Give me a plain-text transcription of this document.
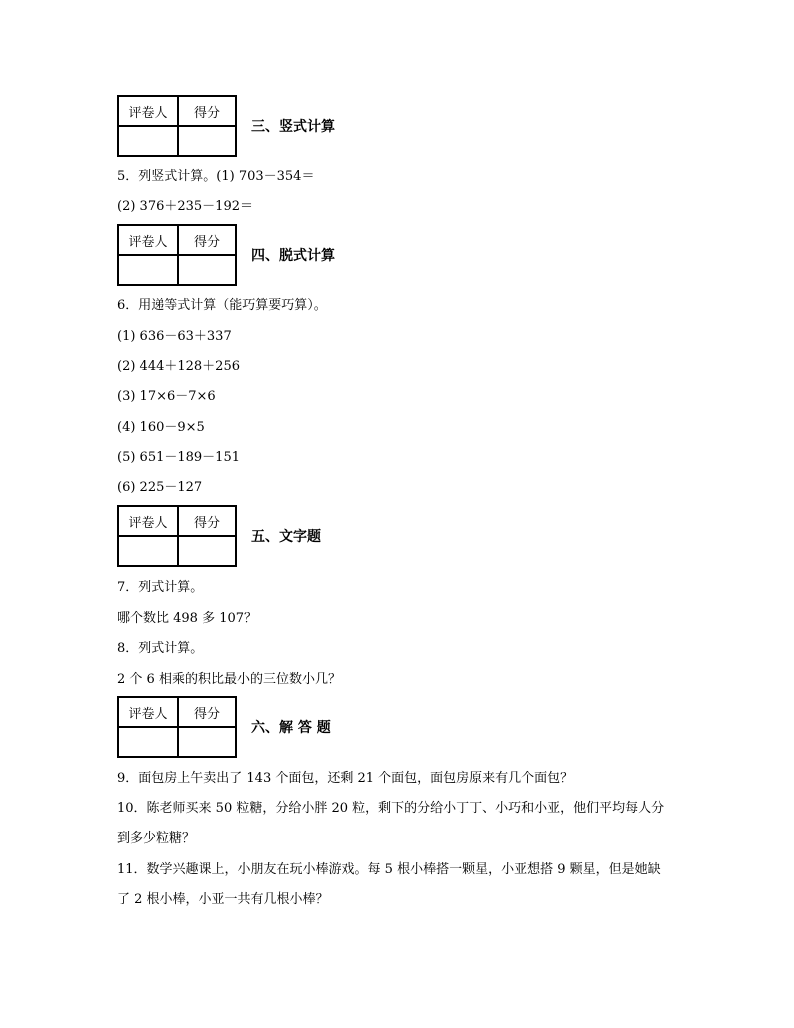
评卷人	得分

三、竖式计算
5．列竖式计算。(1) 703－354＝
(2) 376＋235－192＝
评卷人	得分

四、脱式计算
6．用递等式计算（能巧算要巧算）。
(1) 636－63＋337
(2) 444＋128＋256
(3) 17×6－7×6
(4) 160－9×5
(5) 651－189－151
(6) 225－127
评卷人	得分

五、文字题
7．列式计算。
哪个数比 498 多 107？
8．列式计算。
2 个 6 相乘的积比最小的三位数小几？
评卷人	得分

六、解 答 题
9．面包房上午卖出了 143 个面包，还剩 21 个面包，面包房原来有几个面包？
10．陈老师买来 50 粒糖，分给小胖 20 粒，剩下的分给小丁丁、小巧和小亚，他们平均每人分
到多少粒糖？
11．数学兴趣课上，小朋友在玩小棒游戏。每 5 根小棒搭一颗星，小亚想搭 9 颗星，但是她缺
了 2 根小棒，小亚一共有几根小棒？
